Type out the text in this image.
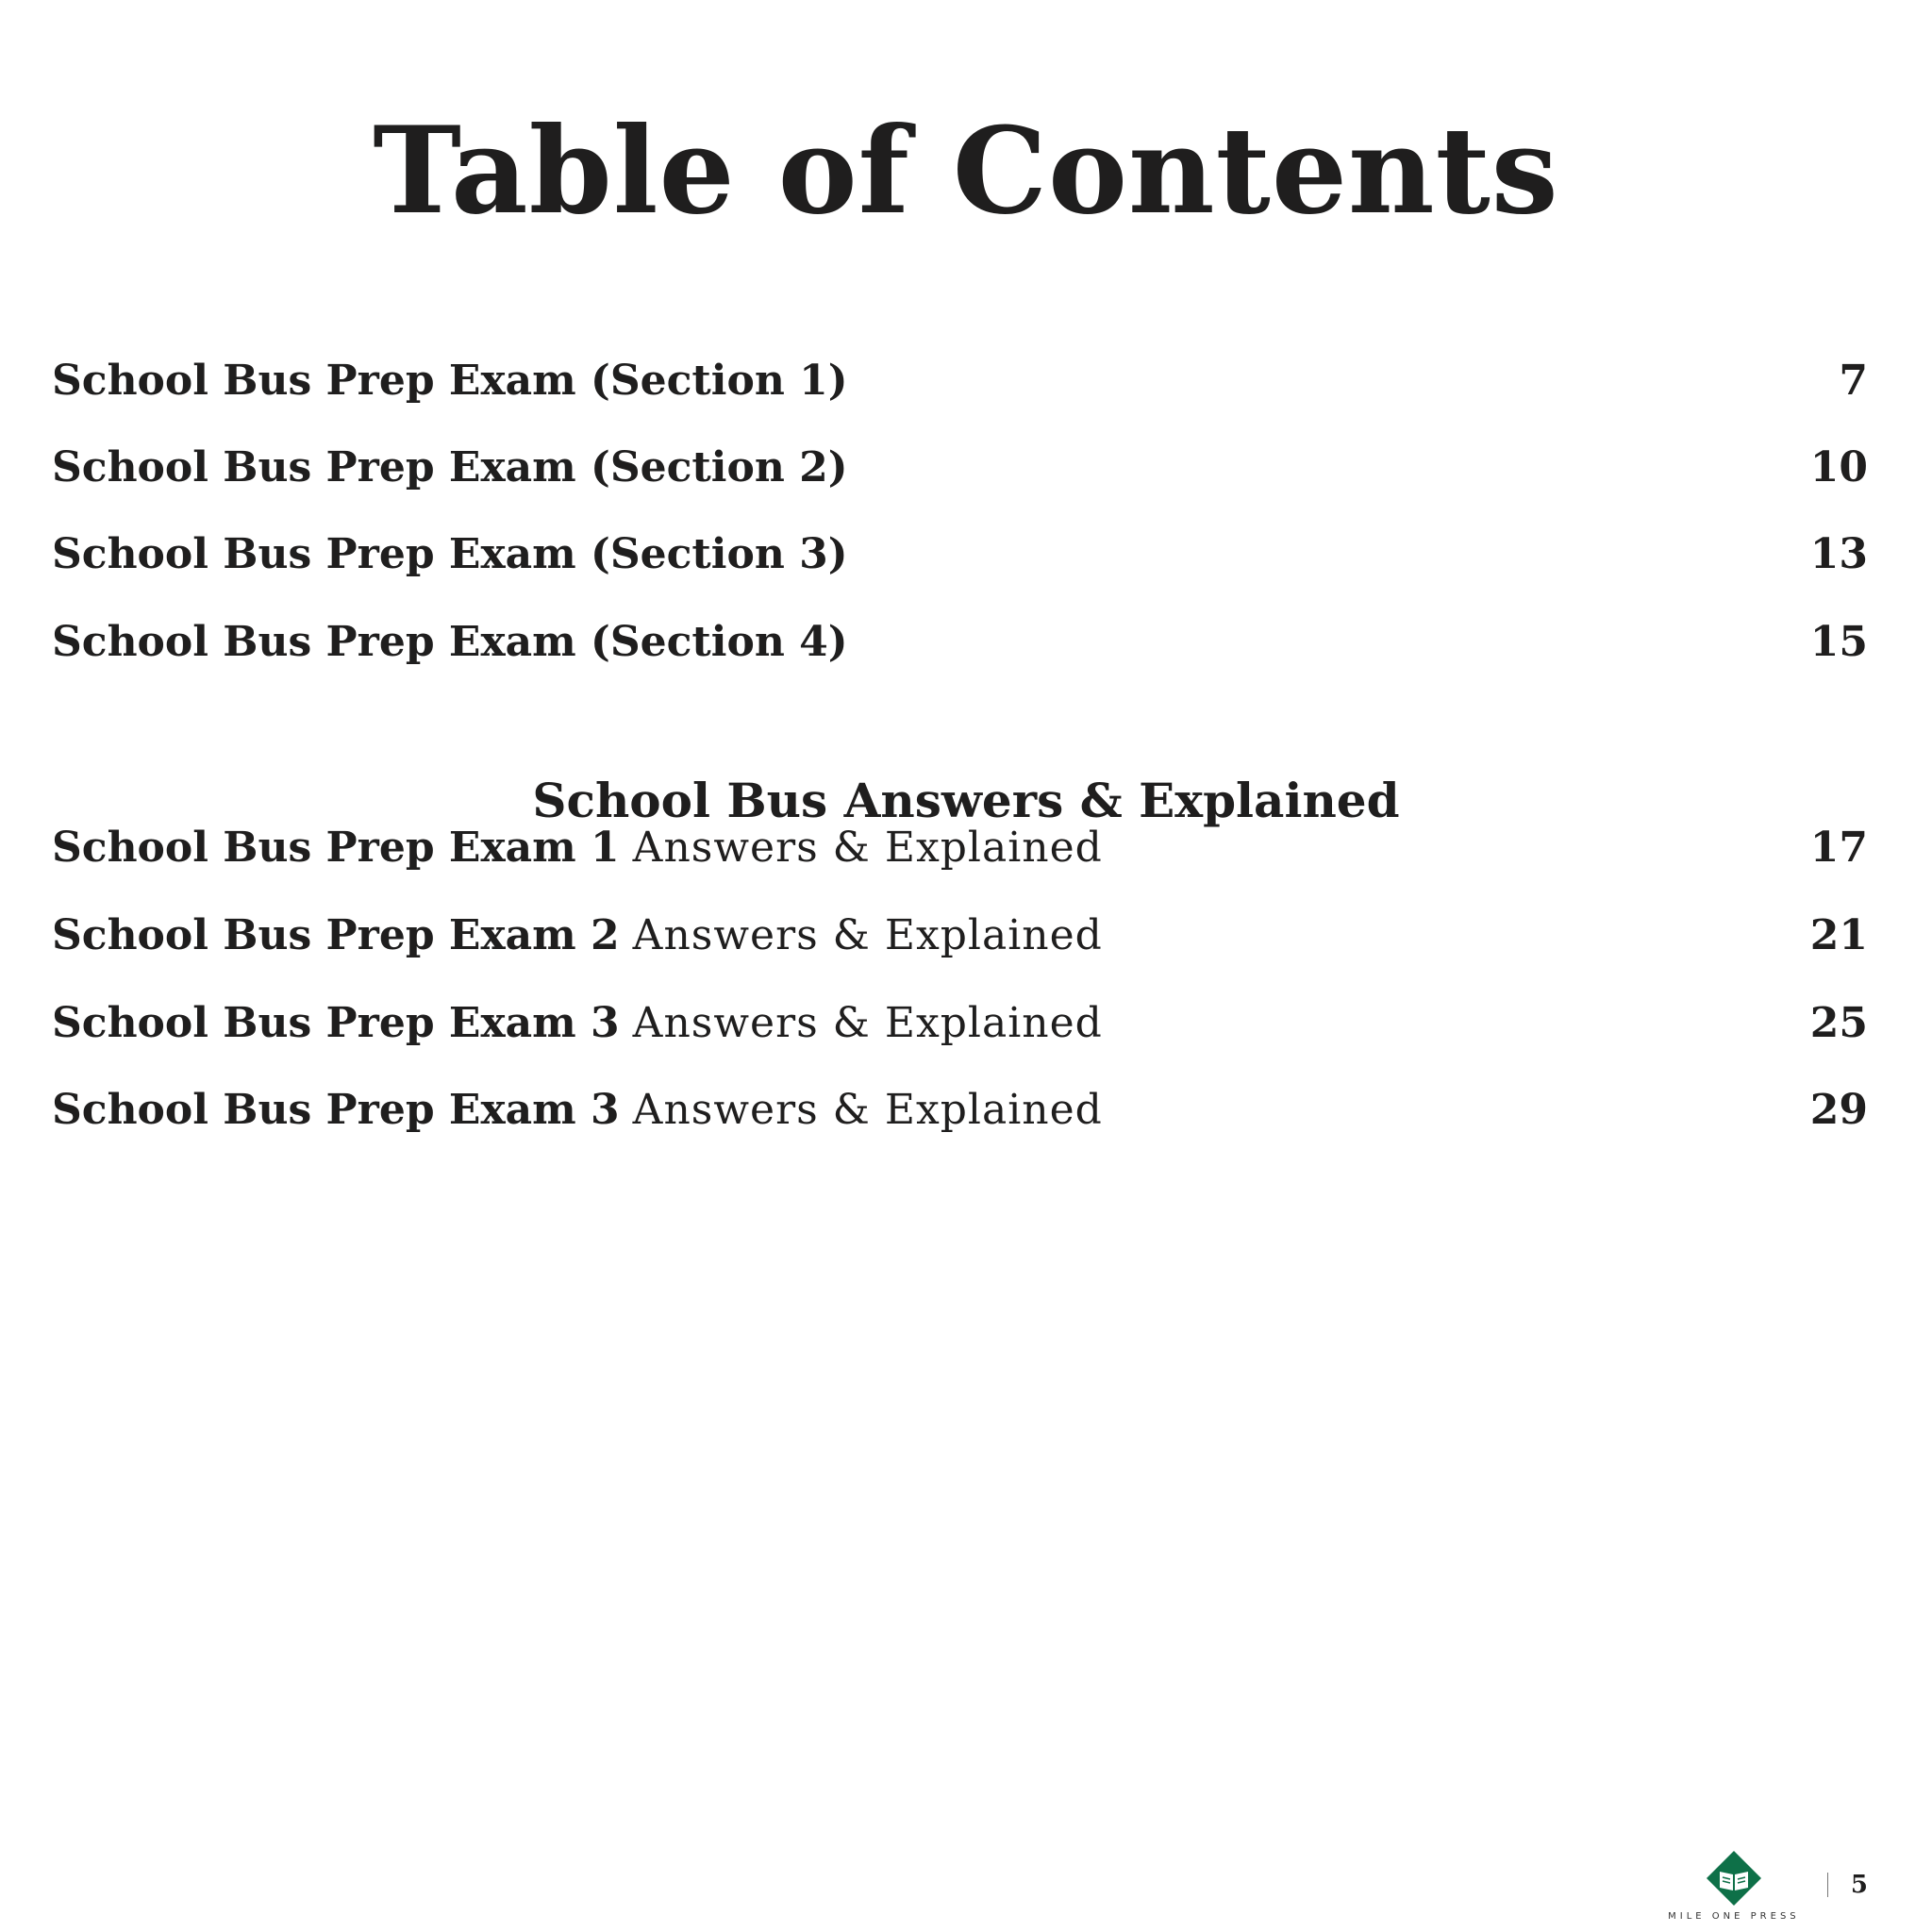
Table of Contents
School Bus Prep Exam (Section 1)	7
School Bus Prep Exam (Section 2)	10
School Bus Prep Exam (Section 3)	13
School Bus Prep Exam (Section 4)	15
School Bus Answers & Explained
School Bus Prep Exam 1 Answers & Explained	17
School Bus Prep Exam 2 Answers & Explained	21
School Bus Prep Exam 3 Answers & Explained	25
School Bus Prep Exam 3 Answers & Explained	29
MILE ONE PRESS
5
